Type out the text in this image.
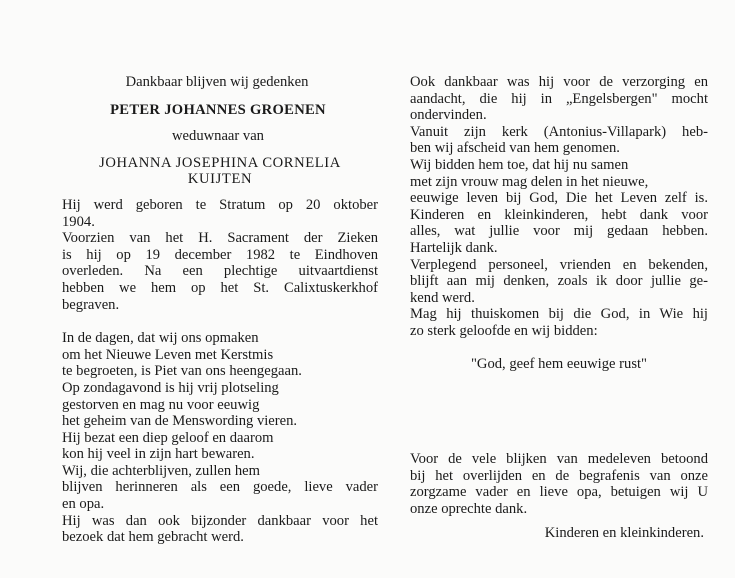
Dankbaar blijven wij gedenken
PETER JOHANNES GROENEN
weduwnaar van
JOHANNA JOSEPHINA CORNELIA
KUIJTEN
Hij werd geboren te Stratum op 20 oktober
1904.
Voorzien van het H. Sacrament der Zieken
is hij op 19 december 1982 te Eindhoven
overleden. Na een plechtige uitvaartdienst
hebben we hem op het St. Calixtuskerkhof
begraven.
In de dagen, dat wij ons opmaken
om het Nieuwe Leven met Kerstmis
te begroeten, is Piet van ons heengegaan.
Op zondagavond is hij vrij plotseling
gestorven en mag nu voor eeuwig
het geheim van de Menswording vieren.
Hij bezat een diep geloof en daarom
kon hij veel in zijn hart bewaren.
Wij, die achterblijven, zullen hem
blijven herinneren als een goede, lieve vader
en opa.
Hij was dan ook bijzonder dankbaar voor het
bezoek dat hem gebracht werd.
Ook dankbaar was hij voor de verzorging en
aandacht, die hij in „Engelsbergen" mocht
ondervinden.
Vanuit zijn kerk (Antonius-Villapark) heb-
ben wij afscheid van hem genomen.
Wij bidden hem toe, dat hij nu samen
met zijn vrouw mag delen in het nieuwe,
eeuwige leven bij God, Die het Leven zelf is.
Kinderen en kleinkinderen, hebt dank voor
alles, wat jullie voor mij gedaan hebben.
Hartelijk dank.
Verplegend personeel, vrienden en bekenden,
blijft aan mij denken, zoals ik door jullie ge-
kend werd.
Mag hij thuiskomen bij die God, in Wie hij
zo sterk geloofde en wij bidden:
"God, geef hem eeuwige rust"
Voor de vele blijken van medeleven betoond
bij het overlijden en de begrafenis van onze
zorgzame vader en lieve opa, betuigen wij U
onze oprechte dank.
Kinderen en kleinkinderen.
